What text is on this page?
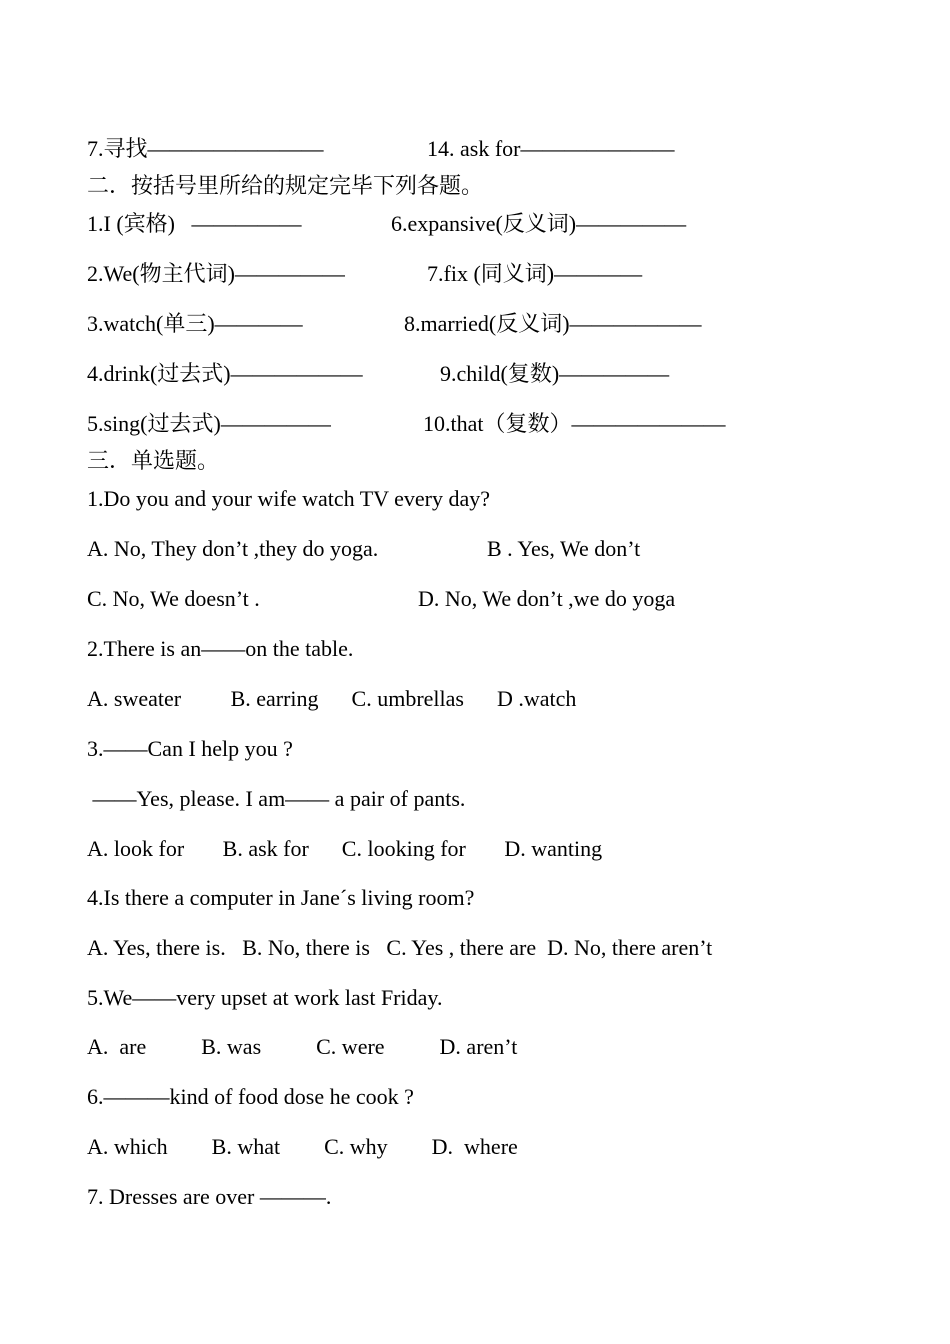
7.寻找————————	14. ask for———————
二．按括号里所给的规定完毕下列各题。
1.I (宾格)   —————	6.expansive(反义词)—————
2.We(物主代词)—————	7.fix (同义词)————
3.watch(单三)————	8.married(反义词)——————
4.drink(过去式)——————	9.child(复数)—————
5.sing(过去式)—————	10.that（复数）———————
三．单选题。
1.Do you and your wife watch TV every day?
A. No, They don’t ,they do yoga.	B . Yes, We don’t
C. No, We doesn’t .	D. No, We don’t ,we do yoga
2.There is an——on the table.
A. sweater         B. earring      C. umbrellas      D .watch
3.——Can I help you ?
——Yes, please. I am—— a pair of pants.
A. look for       B. ask for      C. looking for       D. wanting
4.Is there a computer in Jane´s living room?
A. Yes, there is.   B. No, there is   C. Yes , there are  D. No, there aren’t
5.We——very upset at work last Friday.
A.  are          B. was          C. were          D. aren’t
6.———kind of food dose he cook ?
A. which        B. what        C. why        D.  where
7. Dresses are over ———.
